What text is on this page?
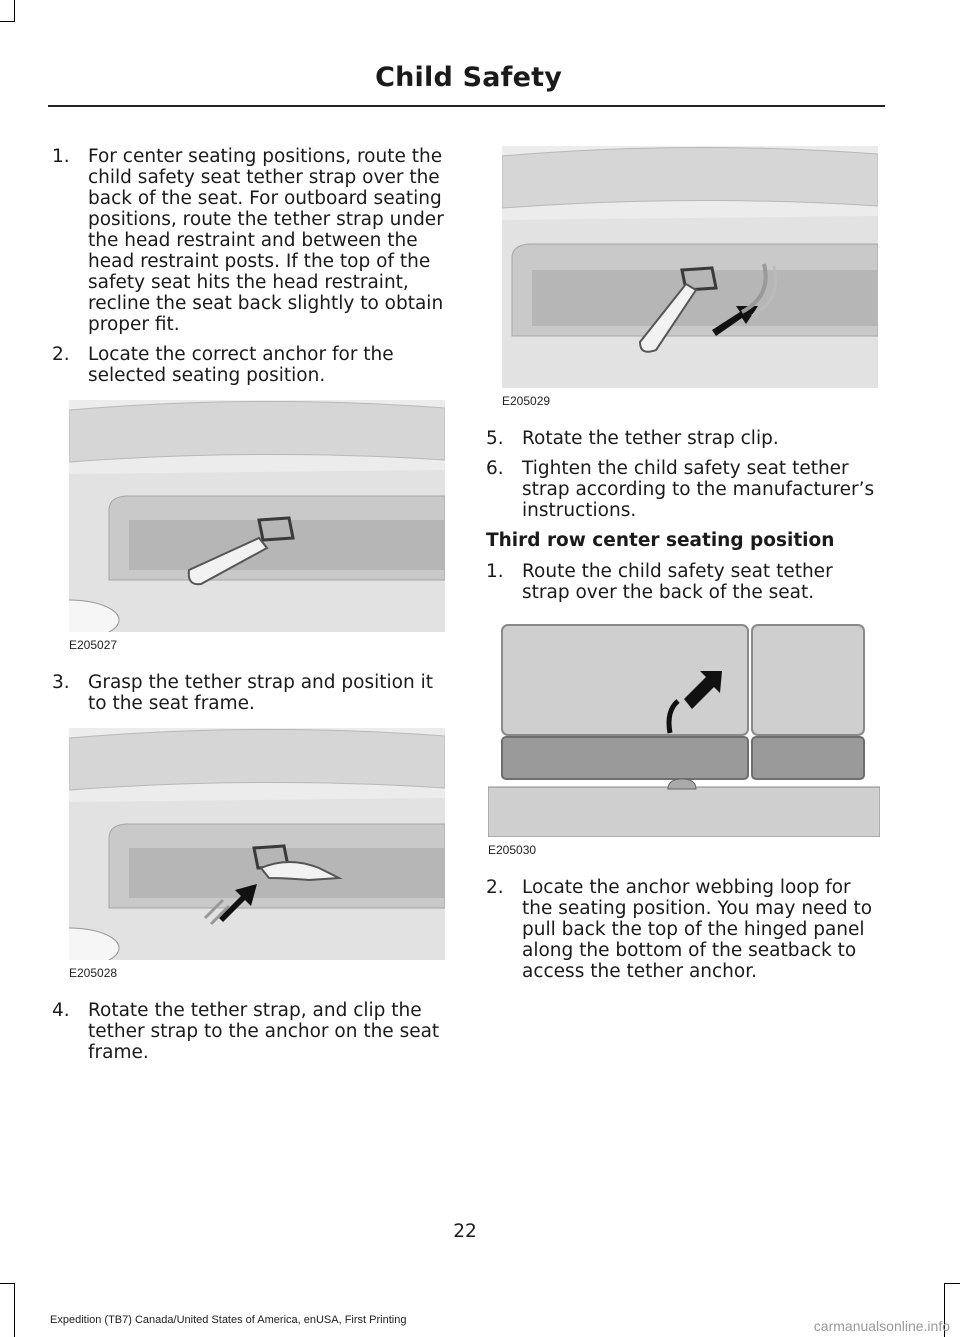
Child Safety
1. For center seating positions, route the child safety seat tether strap over the back of the seat. For outboard seating positions, route the tether strap under the head restraint and between the head restraint posts. If the top of the safety seat hits the head restraint, recline the seat back slightly to obtain proper fit.
2. Locate the correct anchor for the selected seating position.
E205027
3. Grasp the tether strap and position it to the seat frame.
E205028
4. Rotate the tether strap, and clip the tether strap to the anchor on the seat frame.
E205029
5. Rotate the tether strap clip.
6. Tighten the child safety seat tether strap according to the manufacturer’s instructions.
Third row center seating position
1. Route the child safety seat tether strap over the back of the seat.
E205030
2. Locate the anchor webbing loop for the seating position. You may need to pull back the top of the hinged panel along the bottom of the seatback to access the tether anchor.
22
Expedition (TB7) Canada/United States of America, enUSA, First Printing	carmanualsonline.info
